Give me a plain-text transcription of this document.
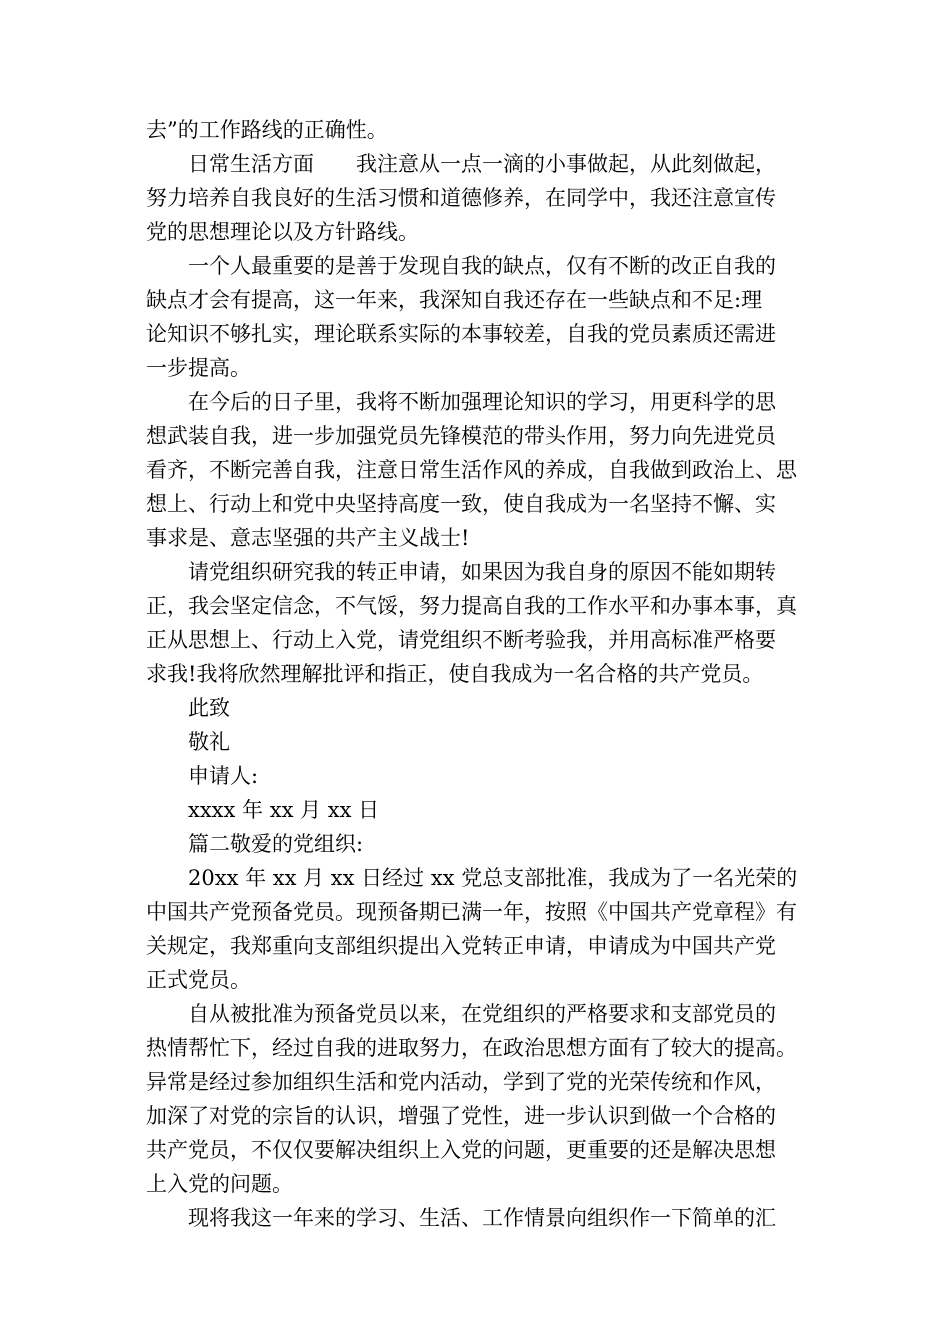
去”的工作路线的正确性。

日常生活方面　　我注意从一点一滴的小事做起，从此刻做起，
努力培养自我良好的生活习惯和道德修养，在同学中，我还注意宣传
党的思想理论以及方针路线。

一个人最重要的是善于发现自我的缺点，仅有不断的改正自我的
缺点才会有提高，这一年来，我深知自我还存在一些缺点和不足:理
论知识不够扎实，理论联系实际的本事较差，自我的党员素质还需进
一步提高。

在今后的日子里，我将不断加强理论知识的学习，用更科学的思
想武装自我，进一步加强党员先锋模范的带头作用，努力向先进党员
看齐，不断完善自我，注意日常生活作风的养成，自我做到政治上、思
想上、行动上和党中央坚持高度一致，使自我成为一名坚持不懈、实
事求是、意志坚强的共产主义战士!

请党组织研究我的转正申请，如果因为我自身的原因不能如期转
正，我会坚定信念，不气馁，努力提高自我的工作水平和办事本事，真
正从思想上、行动上入党，请党组织不断考验我，并用高标准严格要
求我!我将欣然理解批评和指正，使自我成为一名合格的共产党员。

此致

敬礼

申请人:

xxxx 年 xx 月 xx 日

篇二敬爱的党组织:

20xx 年 xx 月 xx 日经过 xx 党总支部批准，我成为了一名光荣的
中国共产党预备党员。现预备期已满一年，按照《中国共产党章程》有
关规定，我郑重向支部组织提出入党转正申请，申请成为中国共产党
正式党员。

自从被批准为预备党员以来，在党组织的严格要求和支部党员的
热情帮忙下，经过自我的进取努力，在政治思想方面有了较大的提高。
异常是经过参加组织生活和党内活动，学到了党的光荣传统和作风，
加深了对党的宗旨的认识，增强了党性，进一步认识到做一个合格的
共产党员，不仅仅要解决组织上入党的问题，更重要的还是解决思想
上入党的问题。

现将我这一年来的学习、生活、工作情景向组织作一下简单的汇
